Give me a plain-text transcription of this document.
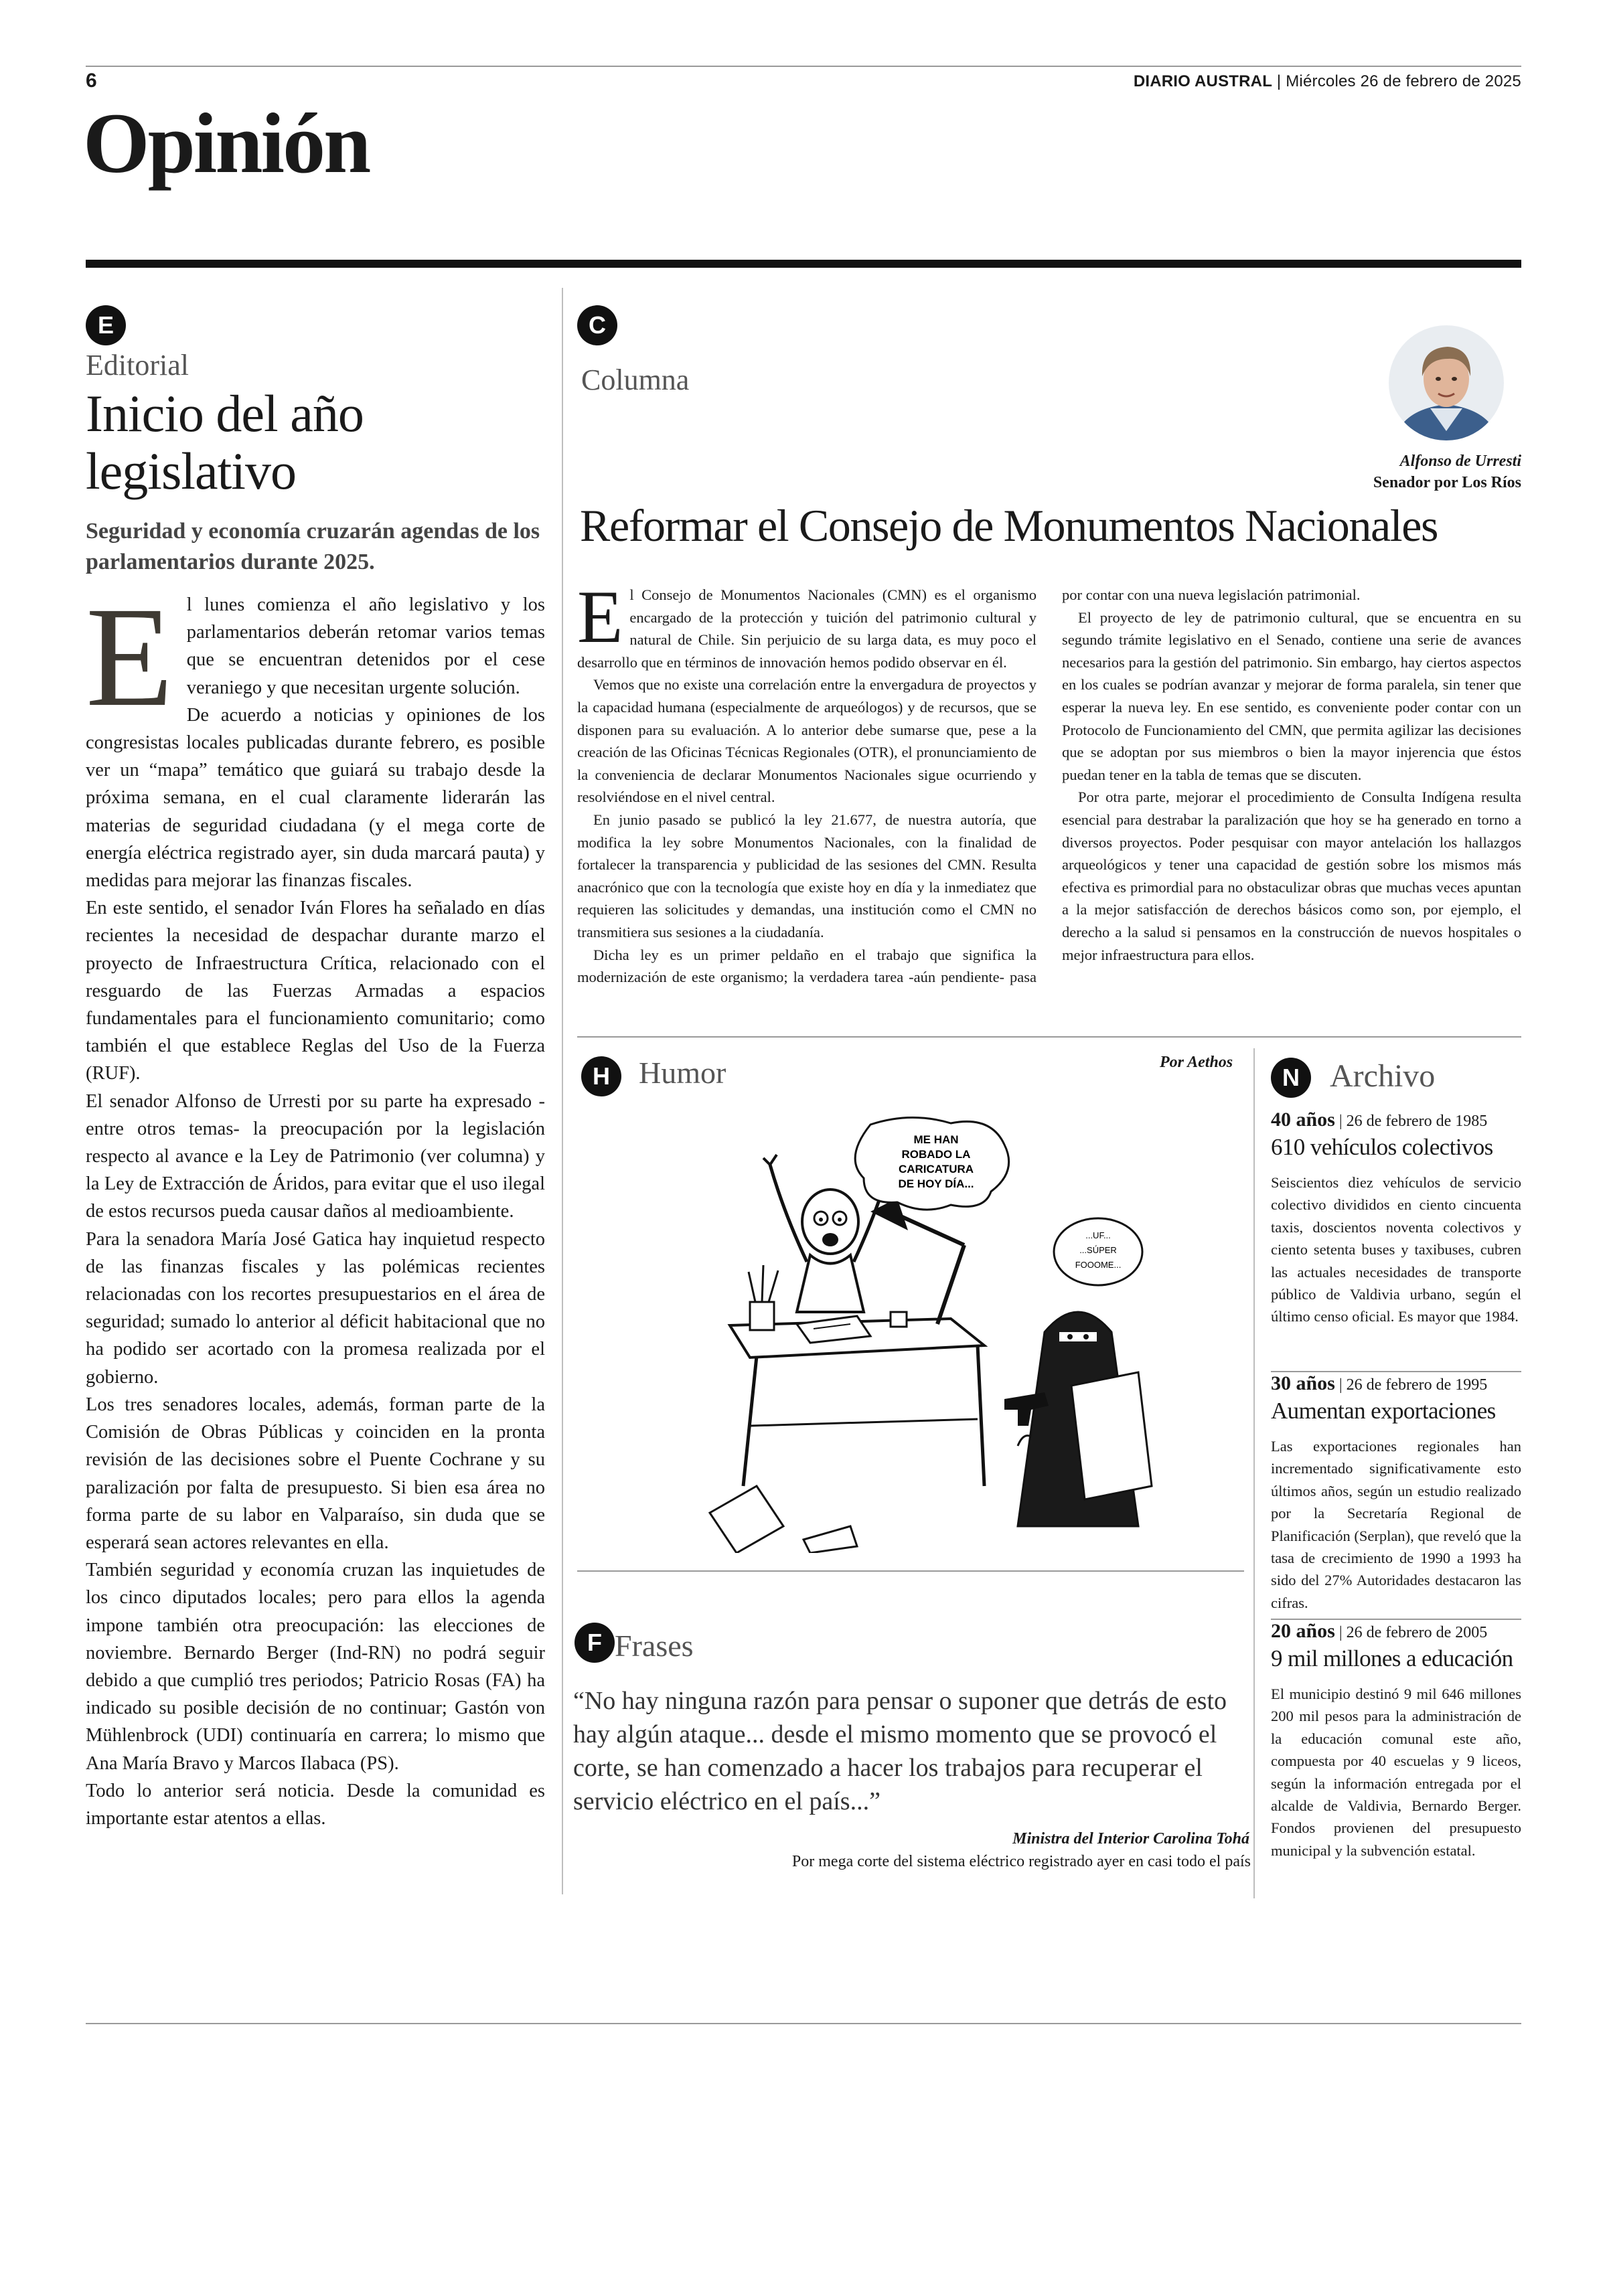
6	DIARIO AUSTRAL | Miércoles 26 de febrero de 2025
Opinión
E
Editorial
Inicio del año legislativo
Seguridad y economía cruzarán agendas de los parlamentarios durante 2025.

El lunes comienza el año legislativo y los parlamentarios deberán retomar varios temas que se encuentran detenidos por el cese veraniego y que necesitan urgente solución.

De acuerdo a noticias y opiniones de los congresistas locales publicadas durante febrero, es posible ver un “mapa” temático que guiará su trabajo desde la próxima semana, en el cual claramente liderarán las materias de seguridad ciudadana (y el mega corte de energía eléctrica registrado ayer, sin duda marcará pauta) y medidas para mejorar las finanzas fiscales.

En este sentido, el senador Iván Flores ha señalado en días recientes la necesidad de despachar durante marzo el proyecto de Infraestructura Crítica, relacionado con el resguardo de las Fuerzas Armadas a espacios fundamentales para el funcionamiento comunitario; como también el que establece Reglas del Uso de la Fuerza (RUF).

El senador Alfonso de Urresti por su parte ha expresado -entre otros temas- la preocupación por la legislación respecto al avance e la Ley de Patrimonio (ver columna) y la Ley de Extracción de Áridos, para evitar que el uso ilegal de estos recursos pueda causar daños al medioambiente.

Para la senadora María José Gatica hay inquietud respecto de las finanzas fiscales y las polémicas recientes relacionadas con los recortes presupuestarios en el área de seguridad; sumado lo anterior al déficit habitacional que no ha podido ser acortado con la promesa realizada por el gobierno.

Los tres senadores locales, además, forman parte de la Comisión de Obras Públicas y coinciden en la pronta revisión de las decisiones sobre el Puente Cochrane y su paralización por falta de presupuesto. Si bien esa área no forma parte de su labor en Valparaíso, sin duda que se esperará sean actores relevantes en ella.

También seguridad y economía cruzan las inquietudes de los cinco diputados locales; pero para ellos la agenda impone también otra preocupación: las elecciones de noviembre. Bernardo Berger (Ind-RN) no podrá seguir debido a que cumplió tres periodos; Patricio Rosas (FA) ha indicado su posible decisión de no continuar; Gastón von Mühlenbrock (UDI) continuaría en carrera; lo mismo que Ana María Bravo y Marcos Ilabaca (PS).

Todo lo anterior será noticia. Desde la comunidad es importante estar atentos a ellas.

C
Columna
Alfonso de Urresti
Senador por Los Ríos
Reformar el Consejo de Monumentos Nacionales

El Consejo de Monumentos Nacionales (CMN) es el organismo encargado de la protección y tuición del patrimonio cultural y natural de Chile. Sin perjuicio de su larga data, es muy poco el desarrollo que en términos de innovación hemos podido observar en él.

Vemos que no existe una correlación entre la envergadura de proyectos y la capacidad humana (especialmente de arqueólogos) y de recursos, que se disponen para su evaluación. A lo anterior debe sumarse que, pese a la creación de las Oficinas Técnicas Regionales (OTR), el pronunciamiento de la conveniencia de declarar Monumentos Nacionales sigue ocurriendo y resolviéndose en el nivel central.

En junio pasado se publicó la ley 21.677, de nuestra autoría, que modifica la ley sobre Monumentos Nacionales, con la finalidad de fortalecer la transparencia y publicidad de las sesiones del CMN. Resulta anacrónico que con la tecnología que existe hoy en día y la inmediatez que requieren las solicitudes y demandas, una institución como el CMN no transmitiera sus sesiones a la ciudadanía.

Dicha ley es un primer peldaño en el trabajo que significa la modernización de este organismo; la verdadera tarea -aún pendiente- pasa por contar con una nueva legislación patrimonial.

El proyecto de ley de patrimonio cultural, que se encuentra en su segundo trámite legislativo en el Senado, contiene una serie de avances necesarios para la gestión del patrimonio. Sin embargo, hay ciertos aspectos en los cuales se podrían avanzar y mejorar de forma paralela, sin tener que esperar la nueva ley. En ese sentido, es conveniente poder contar con un Protocolo de Funcionamiento del CMN, que permita agilizar las decisiones que se adoptan por sus miembros o bien la mayor injerencia que éstos puedan tener en la tabla de temas que se discuten.

Por otra parte, mejorar el procedimiento de Consulta Indígena resulta esencial para destrabar la paralización que hoy se ha generado en torno a diversos proyectos. Poder pesquisar con mayor antelación los hallazgos arqueológicos y tener una capacidad de gestión sobre los mismos más efectiva es primordial para no obstaculizar obras que muchas veces apuntan a la mejor satisfacción de derechos básicos como son, por ejemplo, el derecho a la salud si pensamos en la construcción de nuevos hospitales o mejor infraestructura para ellos.

H Humor	Por Aethos
ME HAN
ROBADO LA
CARICATURA
DE HOY DÍA...
...UF...
...SÚPER
FOOOME...
F Frases
“No hay ninguna razón para pensar o suponer que detrás de esto hay algún ataque... desde el mismo momento que se provocó el corte, se han comenzado a hacer los trabajos para recuperar el servicio eléctrico en el país...”
Ministra del Interior Carolina Tohá
Por mega corte del sistema eléctrico registrado ayer en casi todo el país
N Archivo
40 años | 26 de febrero de 1985
610 vehículos colectivos
Seiscientos diez vehículos de servicio colectivo divididos en ciento cincuenta taxis, doscientos noventa colectivos y ciento setenta buses y taxibuses, cubren las actuales necesidades de transporte público de Valdivia urbano, según el último censo oficial. Es mayor que 1984.
30 años | 26 de febrero de 1995
Aumentan exportaciones
Las exportaciones regionales han incrementado significativamente esto últimos años, según un estudio realizado por la Secretaría Regional de Planificación (Serplan), que reveló que la tasa de crecimiento de 1990 a 1993 ha sido del 27% Autoridades destacaron las cifras.
20 años | 26 de febrero de 2005
9 mil millones a educación
El municipio destinó 9 mil 646 millones 200 mil pesos para la administración de la educación comunal este año, compuesta por 40 escuelas y 9 liceos, según la información entregada por el alcalde de Valdivia, Bernardo Berger. Fondos provienen del presupuesto municipal y la subvención estatal.
